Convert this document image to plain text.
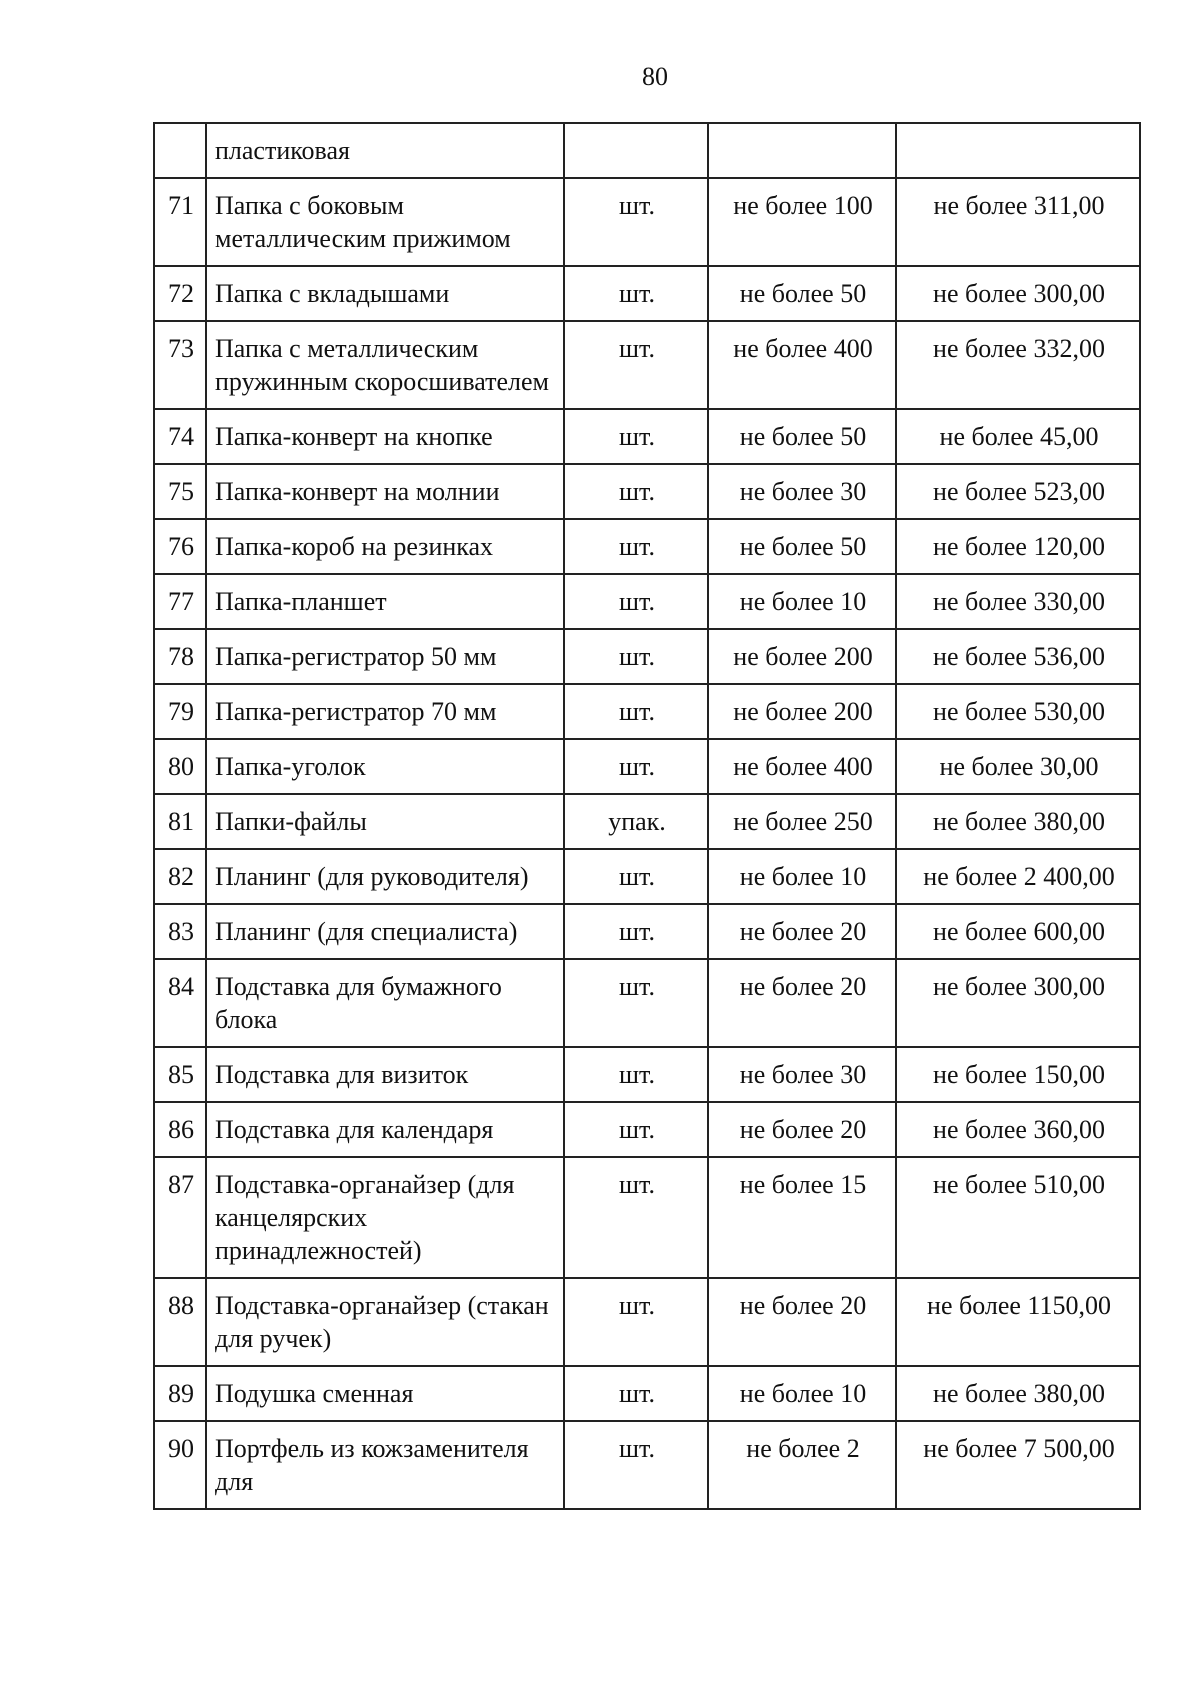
80
	пластиковая			
71	Папка с боковым металлическим прижимом	шт.	не более 100	не более 311,00
72	Папка с вкладышами	шт.	не более 50	не более 300,00
73	Папка с металлическим пружинным скоросшивателем	шт.	не более 400	не более 332,00
74	Папка-конверт на кнопке	шт.	не более 50	не более 45,00
75	Папка-конверт на молнии	шт.	не более 30	не более 523,00
76	Папка-короб на резинках	шт.	не более 50	не более 120,00
77	Папка-планшет	шт.	не более 10	не более 330,00
78	Папка-регистратор 50 мм	шт.	не более 200	не более 536,00
79	Папка-регистратор 70 мм	шт.	не более 200	не более 530,00
80	Папка-уголок	шт.	не более 400	не более 30,00
81	Папки-файлы	упак.	не более 250	не более 380,00
82	Планинг (для руководителя)	шт.	не более 10	не более 2 400,00
83	Планинг (для специалиста)	шт.	не более 20	не более 600,00
84	Подставка для бумажного блока	шт.	не более 20	не более 300,00
85	Подставка для визиток	шт.	не более 30	не более 150,00
86	Подставка для календаря	шт.	не более 20	не более 360,00
87	Подставка-органайзер (для канцелярских принадлежностей)	шт.	не более 15	не более 510,00
88	Подставка-органайзер (стакан для ручек)	шт.	не более 20	не более 1150,00
89	Подушка сменная	шт.	не более 10	не более 380,00
90	Портфель из кожзаменителя для	шт.	не более 2	не более 7 500,00
